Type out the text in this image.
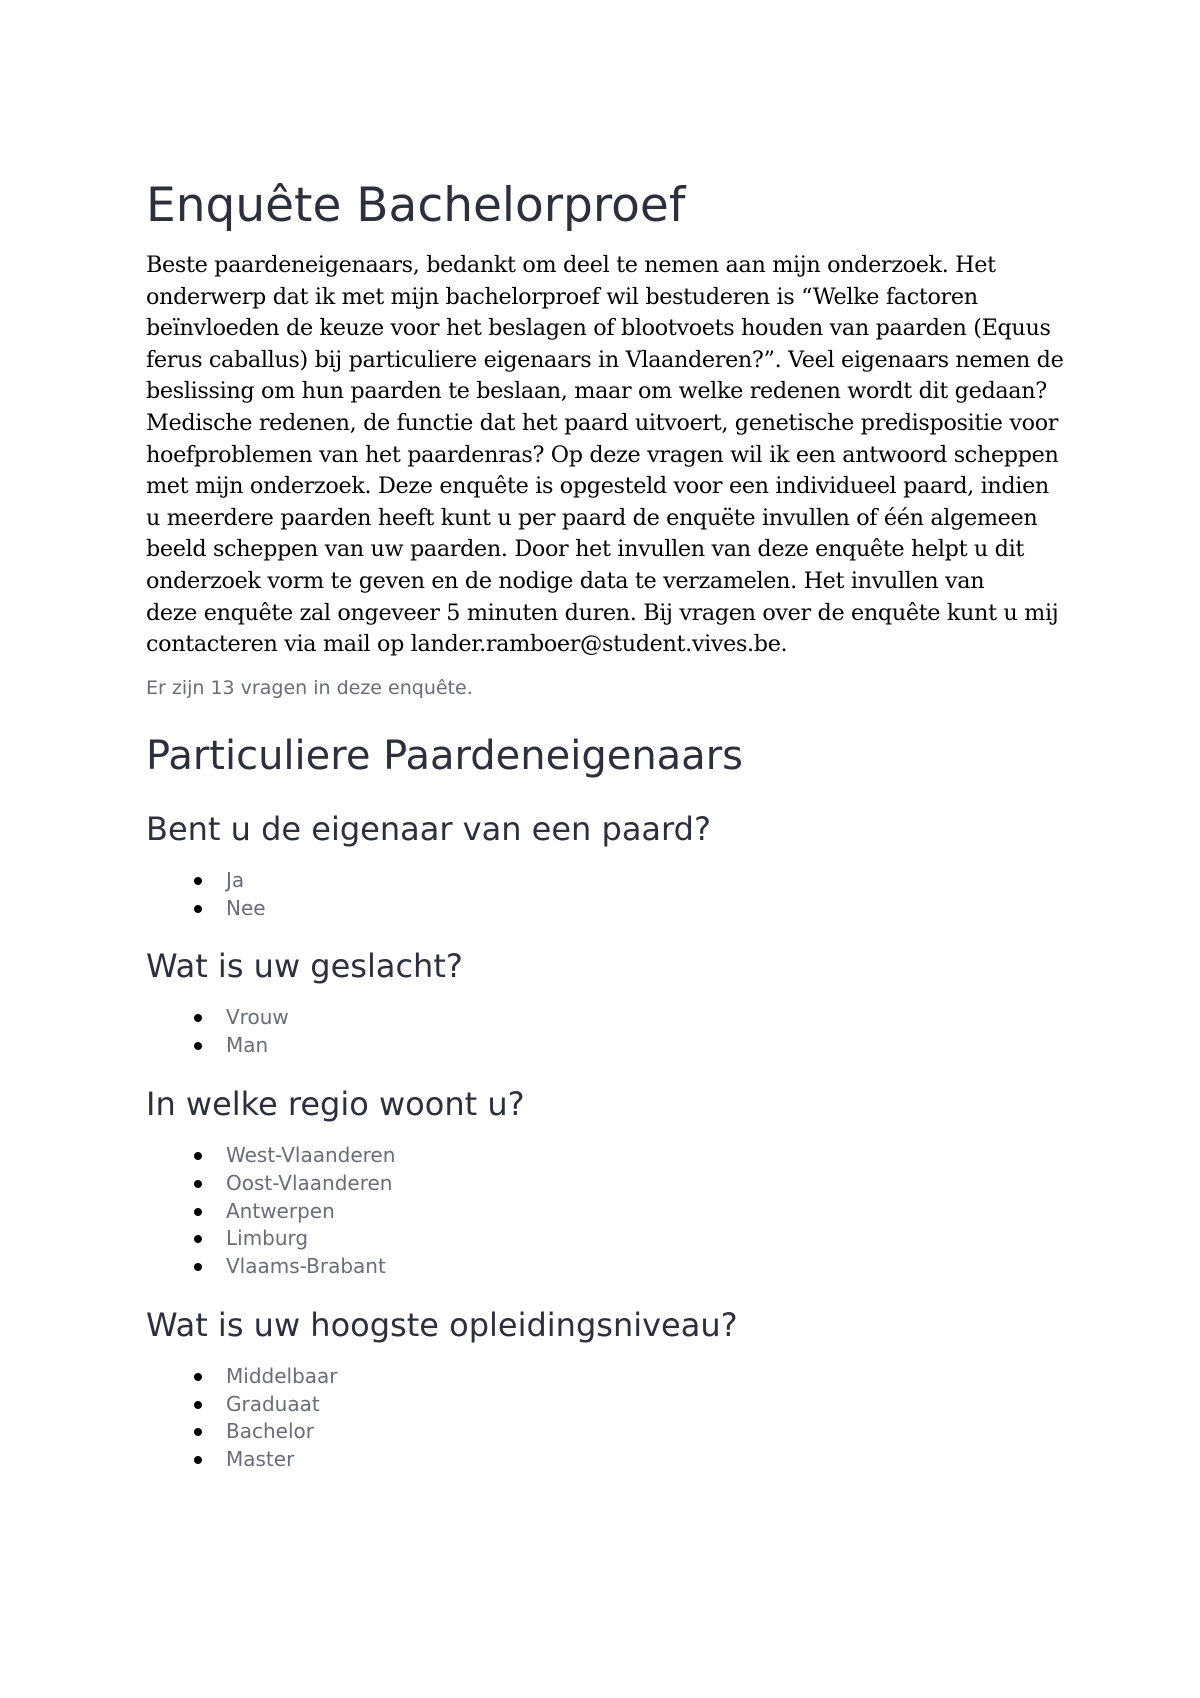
Enquête Bachelorproef

Beste paardeneigenaars, bedankt om deel te nemen aan mijn onderzoek. Het
onderwerp dat ik met mijn bachelorproef wil bestuderen is “Welke factoren
beïnvloeden de keuze voor het beslagen of blootvoets houden van paarden (Equus
ferus caballus) bij particuliere eigenaars in Vlaanderen?”. Veel eigenaars nemen de
beslissing om hun paarden te beslaan, maar om welke redenen wordt dit gedaan?
Medische redenen, de functie dat het paard uitvoert, genetische predispositie voor
hoefproblemen van het paardenras? Op deze vragen wil ik een antwoord scheppen
met mijn onderzoek. Deze enquête is opgesteld voor een individueel paard, indien
u meerdere paarden heeft kunt u per paard de enquëte invullen of één algemeen
beeld scheppen van uw paarden. Door het invullen van deze enquête helpt u dit
onderzoek vorm te geven en de nodige data te verzamelen. Het invullen van
deze enquête zal ongeveer 5 minuten duren. Bij vragen over de enquête kunt u mij
contacteren via mail op lander.ramboer@student.vives.be.

Er zijn 13 vragen in deze enquête.

Particuliere Paardeneigenaars
Bent u de eigenaar van een paard?
Ja
Nee
Wat is uw geslacht?
Vrouw
Man
In welke regio woont u?
West-Vlaanderen
Oost-Vlaanderen
Antwerpen
Limburg
Vlaams-Brabant
Wat is uw hoogste opleidingsniveau?
Middelbaar
Graduaat
Bachelor
Master
